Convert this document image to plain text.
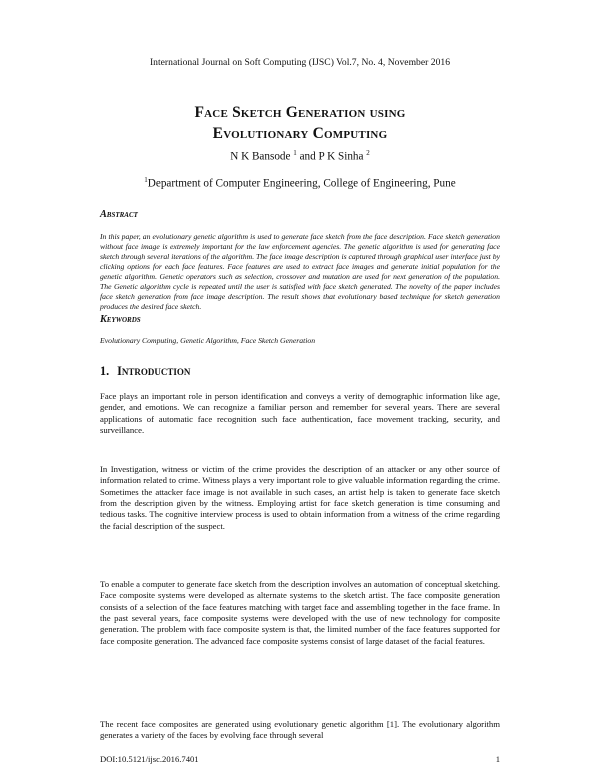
International Journal on Soft Computing (IJSC) Vol.7, No. 4, November 2016
Face Sketch Generation using
Evolutionary Computing
N K Bansode $^1$ and P K Sinha $^2$
$^1$Department of Computer Engineering, College of Engineering, Pune
Abstract
In this paper, an evolutionary genetic algorithm is used to generate face sketch from the face description. Face sketch generation without face image is extremely important for the law enforcement agencies. The genetic algorithm is used for generating face sketch through several iterations of the algorithm. The face image description is captured through graphical user interface just by clicking options for each face features. Face features are used to extract face images and generate initial population for the genetic algorithm. Genetic operators such as selection, crossover and mutation are used for next generation of the population. The Genetic algorithm cycle is repeated until the user is satisfied with face sketch generated. The novelty of the paper includes face sketch generation from face image description. The result shows that evolutionary based technique for sketch generation produces the desired face sketch.
Keywords
Evolutionary Computing, Genetic Algorithm, Face Sketch Generation
1. Introduction

Face plays an important role in person identification and conveys a verity of demographic information like age, gender, and emotions. We can recognize a familiar person and remember for several years. There are several applications of automatic face recognition such face authentication, face movement tracking, security, and surveillance.

In Investigation, witness or victim of the crime provides the description of an attacker or any other source of information related to crime. Witness plays a very important role to give valuable information regarding the crime. Sometimes the attacker face image is not available in such cases, an artist help is taken to generate face sketch from the description given by the witness. Employing artist for face sketch generation is time consuming and tedious tasks. The cognitive interview process is used to obtain information from a witness of the crime regarding the facial description of the suspect.

To enable a computer to generate face sketch from the description involves an automation of conceptual sketching. Face composite systems were developed as alternate systems to the sketch artist. The face composite generation consists of a selection of the face features matching with target face and assembling together in the face frame. In the past several years, face composite systems were developed with the use of new technology for composite generation. The problem with face composite system is that, the limited number of the face features supported for face composite generation. The advanced face composite systems consist of large dataset of the facial features.

The recent face composites are generated using evolutionary genetic algorithm [1]. The evolutionary algorithm generates a variety of the faces by evolving face through several

DOI:10.5121/ijsc.2016.7401	1
